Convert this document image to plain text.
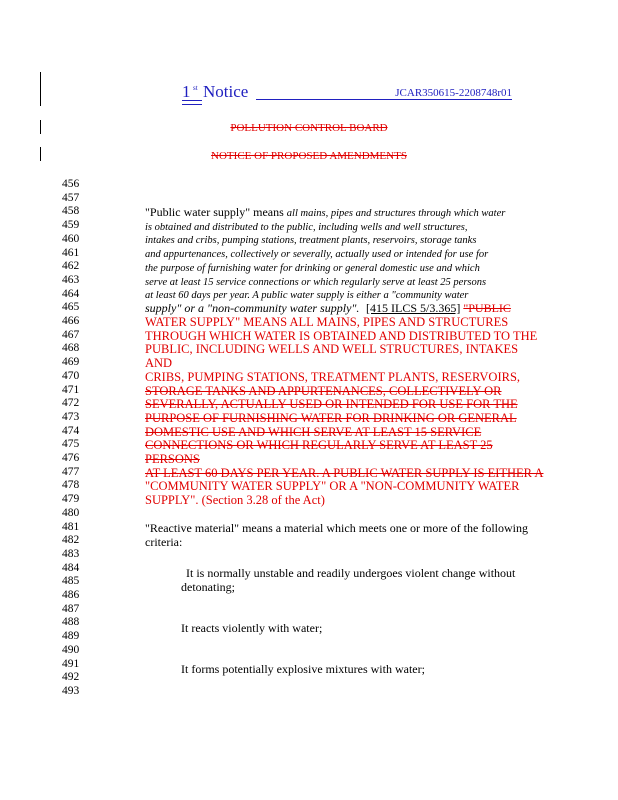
1 st Notice	JCAR350615-2208748r01
POLLUTION CONTROL BOARD
NOTICE OF PROPOSED AMENDMENTS
456
457
458
459
460
461
462
463
464
465
466
467
468
469
470
471
472
473
474
475
476
477
478
479
480
481
482
483
484
485
486
487
488
489
490
491
492
493
"Public water supply" means all mains, pipes and structures through which water
is obtained and distributed to the public, including wells and well structures,
intakes and cribs, pumping stations, treatment plants, reservoirs, storage tanks
and appurtenances, collectively or severally, actually used or intended for use for
the purpose of furnishing water for drinking or general domestic use and which
serve at least 15 service connections or which regularly serve at least 25 persons
at least 60 days per year. A public water supply is either a "community water
supply" or a "non-community water supply". [415 ILCS 5/3.365] "PUBLIC
WATER SUPPLY" MEANS ALL MAINS, PIPES AND STRUCTURES
THROUGH WHICH WATER IS OBTAINED AND DISTRIBUTED TO THE
PUBLIC, INCLUDING WELLS AND WELL STRUCTURES, INTAKES AND
CRIBS, PUMPING STATIONS, TREATMENT PLANTS, RESERVOIRS,
STORAGE TANKS AND APPURTENANCES, COLLECTIVELY OR
SEVERALLY, ACTUALLY USED OR INTENDED FOR USE FOR THE
PURPOSE OF FURNISHING WATER FOR DRINKING OR GENERAL
DOMESTIC USE AND WHICH SERVE AT LEAST 15 SERVICE
CONNECTIONS OR WHICH REGULARLY SERVE AT LEAST 25 PERSONS
AT LEAST 60 DAYS PER YEAR. A PUBLIC WATER SUPPLY IS EITHER A
"COMMUNITY WATER SUPPLY" OR A "NON-COMMUNITY WATER
SUPPLY". (Section 3.28 of the Act)
"Reactive material" means a material which meets one or more of the following
criteria:
It is normally unstable and readily undergoes violent change without
detonating;
It reacts violently with water;
It forms potentially explosive mixtures with water;
